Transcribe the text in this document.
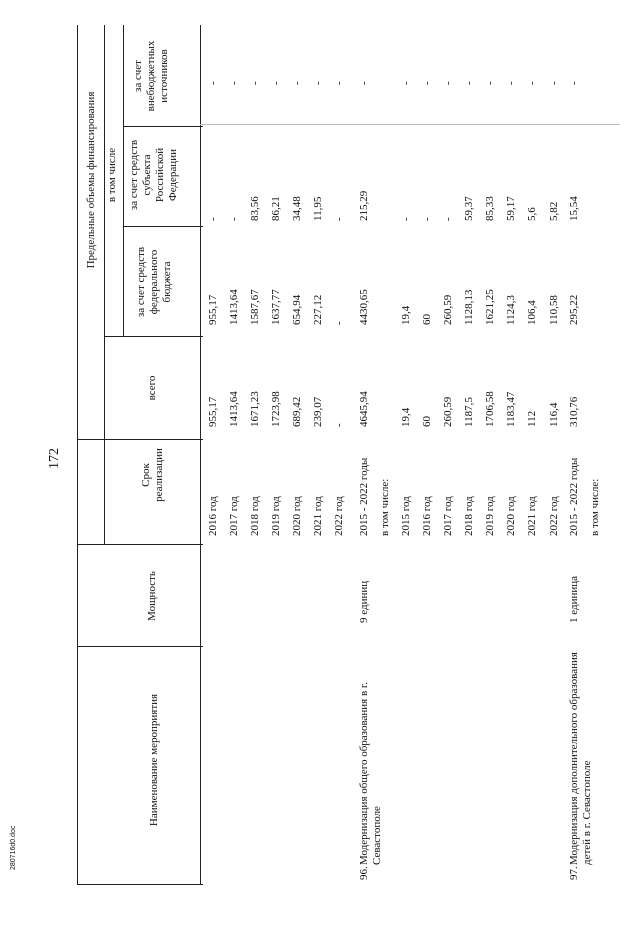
172
Наименование мероприятия
Мощность
Срок реализации
Предельные объемы финансирования
всего
в том числе
за счет средств федерального бюджета
за счет средств субъекта Российской Федерации
за счет внебюджетных источников
2016 год
955,17
955,17
-
-
2017 год
1413,64
1413,64
-
-
2018 год
1671,23
1587,67
83,56
-
2019 год
1723,98
1637,77
86,21
-
2020 год
689,42
654,94
34,48
-
2021 год
239,07
227,12
11,95
-
2022 год
-
-
-
-
96.
Модернизация общего образования в г. Севастополе
9 единиц
2015 - 2022 годы
4645,94
4430,65
215,29
-
в том числе: 2015 год
19,4
19,4
-
-
2016 год
60
60
-
-
2017 год
260,59
260,59
-
-
2018 год
1187,5
1128,13
59,37
-
2019 год
1706,58
1621,25
85,33
-
2020 год
1183,47
1124,3
59,17
-
2021 год
112
106,4
5,6
-
2022 год
116,4
110,58
5,82
-
97.
Модернизация дополнительного образования детей в г. Севастополе
1 единица
2015 - 2022 годы
310,76
295,22
15,54
-
в том числе:
280716d0.doc
